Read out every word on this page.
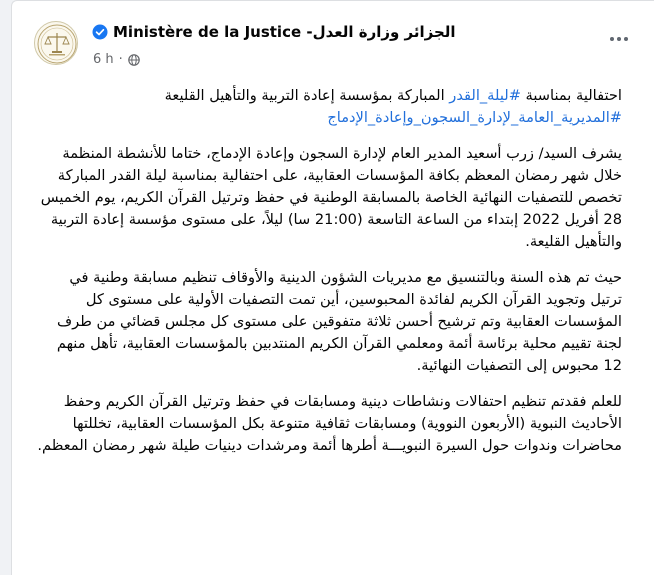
Ministère de la Justice -الجزائر وزارة العدل
6 h ·

احتفالية بمناسبة #ليلة_القدر المباركة بمؤسسة إعادة التربية والتأهيل القليعة #المديرية_العامة_لإدارة_السجون_وإعادة_الإدماج

يشرف السيد/ زرب أسعيد المدير العام لإدارة السجون وإعادة الإدماج، ختاما للأنشطة المنظمة خلال شهر رمضان المعظم بكافة المؤسسات العقابية، على احتفالية بمناسبة ليلة القدر المباركة تخصص للتصفيات النهائية الخاصة بالمسابقة الوطنية في حفظ وترتيل القرآن الكريم، يوم الخميس 28 أفريل 2022 إبتداء من الساعة التاسعة (21:00 سا) ليلاً، على مستوى مؤسسة إعادة التربية والتأهيل القليعة.

حيث تم هذه السنة وبالتنسيق مع مديريات الشؤون الدينية والأوقاف تنظيم مسابقة وطنية في ترتيل وتجويد القرآن الكريم لفائدة المحبوسين، أين تمت التصفيات الأولية على مستوى كل المؤسسات العقابية وتم ترشيح أحسن ثلاثة متفوقين على مستوى كل مجلس قضائي من طرف لجنة تقييم محلية برئاسة أئمة ومعلمي القرآن الكريم المنتدبين بالمؤسسات العقابية، تأهل منهم 12 محبوس إلى التصفيات النهائية.

للعلم فقدتم تنظيم احتفالات ونشاطات دينية ومسابقات في حفظ وترتيل القرآن الكريم وحفظ الأحاديث النبوية (الأربعون النووية) ومسابقات ثقافية متنوعة بكل المؤسسات العقابية، تخللتها محاضرات وندوات حول السيرة النبويـــة أطرها أئمة ومرشدات دينيات طيلة شهر رمضان المعظم.
